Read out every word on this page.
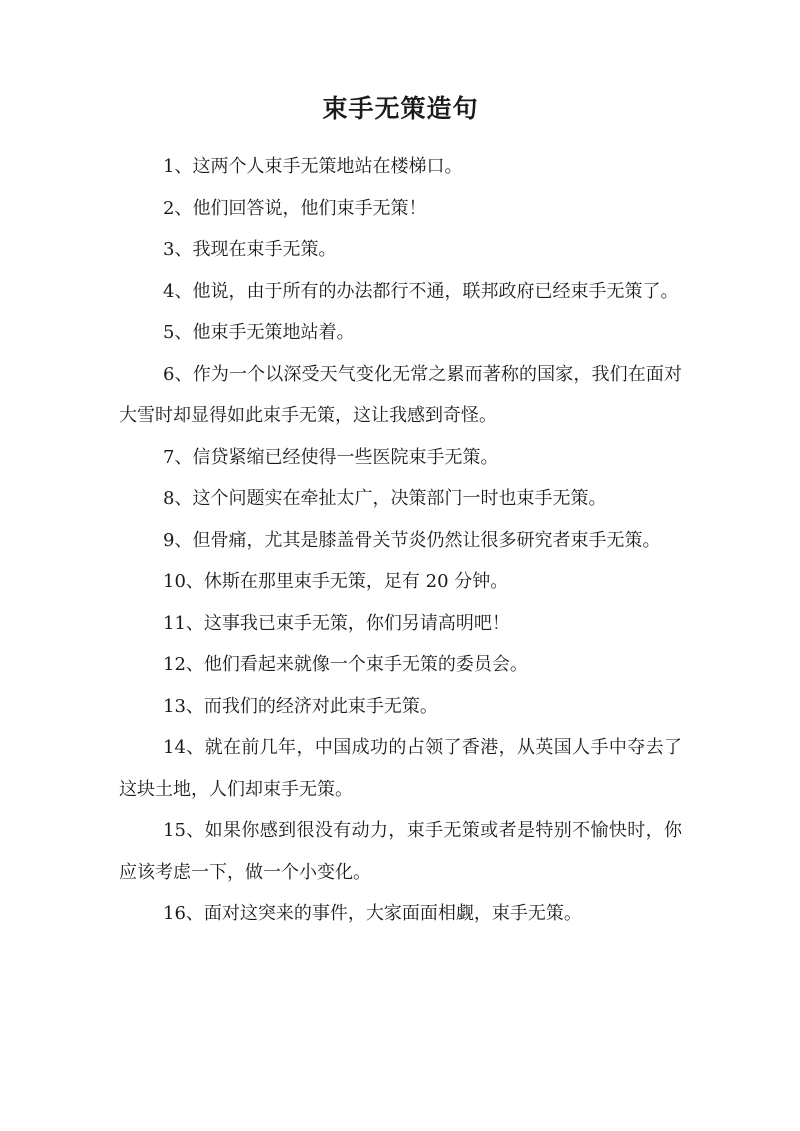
束手无策造句

1、这两个人束手无策地站在楼梯口。

2、他们回答说，他们束手无策！

3、我现在束手无策。

4、他说，由于所有的办法都行不通，联邦政府已经束手无策了。

5、他束手无策地站着。

6、作为一个以深受天气变化无常之累而著称的国家，我们在面对大雪时却显得如此束手无策，这让我感到奇怪。

7、信贷紧缩已经使得一些医院束手无策。

8、这个问题实在牵扯太广，决策部门一时也束手无策。

9、但骨痛，尤其是膝盖骨关节炎仍然让很多研究者束手无策。

10、休斯在那里束手无策，足有 20 分钟。

11、这事我已束手无策，你们另请高明吧！

12、他们看起来就像一个束手无策的委员会。

13、而我们的经济对此束手无策。

14、就在前几年，中国成功的占领了香港，从英国人手中夺去了这块土地，人们却束手无策。

15、如果你感到很没有动力，束手无策或者是特别不愉快时，你应该考虑一下，做一个小变化。

16、面对这突来的事件，大家面面相觑，束手无策。
